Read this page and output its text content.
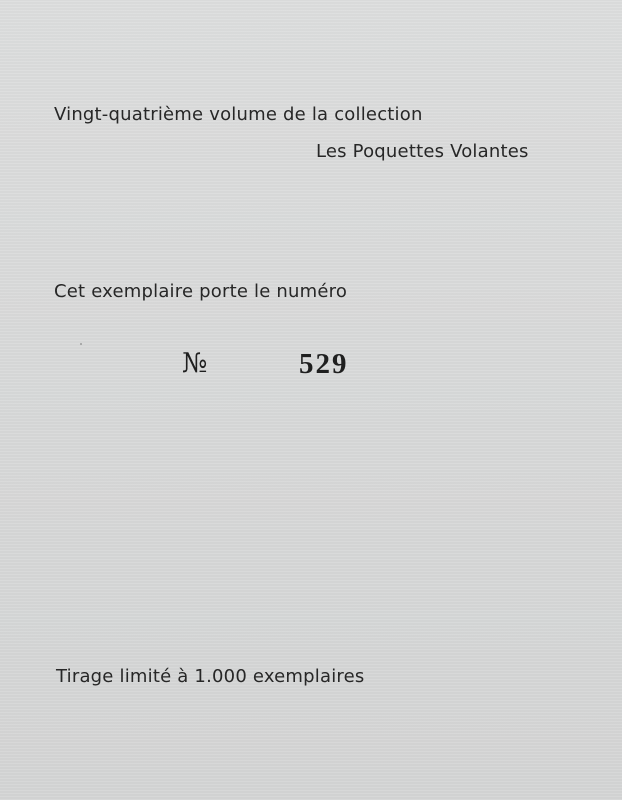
Vingt-quatrième volume de la collection
Les Poquettes Volantes
Cet exemplaire porte le numéro
№	529
Tirage limité à 1.000 exemplaires
